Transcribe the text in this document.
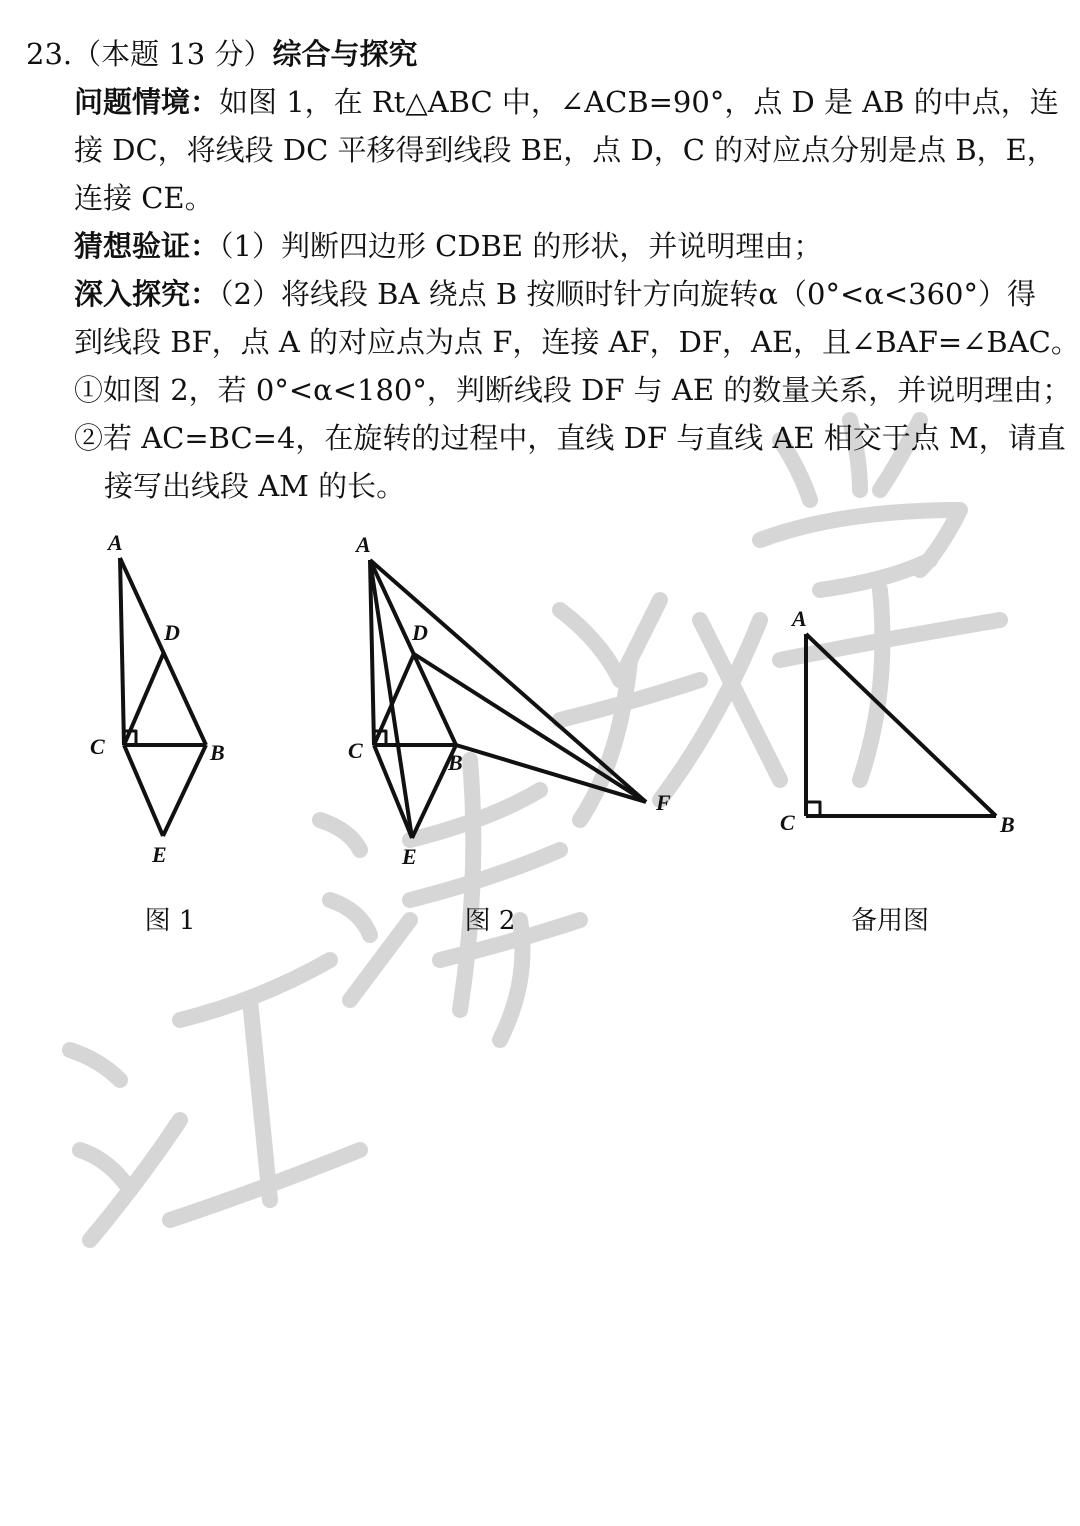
23.（本题 13 分）综合与探究
问题情境：如图 1，在 Rt△ABC 中，∠ACB=90°，点 D 是 AB 的中点，连
接 DC，将线段 DC 平移得到线段 BE，点 D，C 的对应点分别是点 B，E，
连接 CE。
猜想验证：（1）判断四边形 CDBE 的形状，并说明理由；
深入探究：（2）将线段 BA 绕点 B 按顺时针方向旋转α（0°<α<360°）得
到线段 BF，点 A 的对应点为点 F，连接 AF，DF，AE，且∠BAF=∠BAC。
①如图 2，若 0°<α<180°，判断线段 DF 与 AE 的数量关系，并说明理由；
②若 AC=BC=4，在旋转的过程中，直线 DF 与直线 AE 相交于点 M，请直
接写出线段 AM 的长。
A
D
C	B
E
图 1
A
D
C	B
E
F
图 2
A
C	B
备用图
